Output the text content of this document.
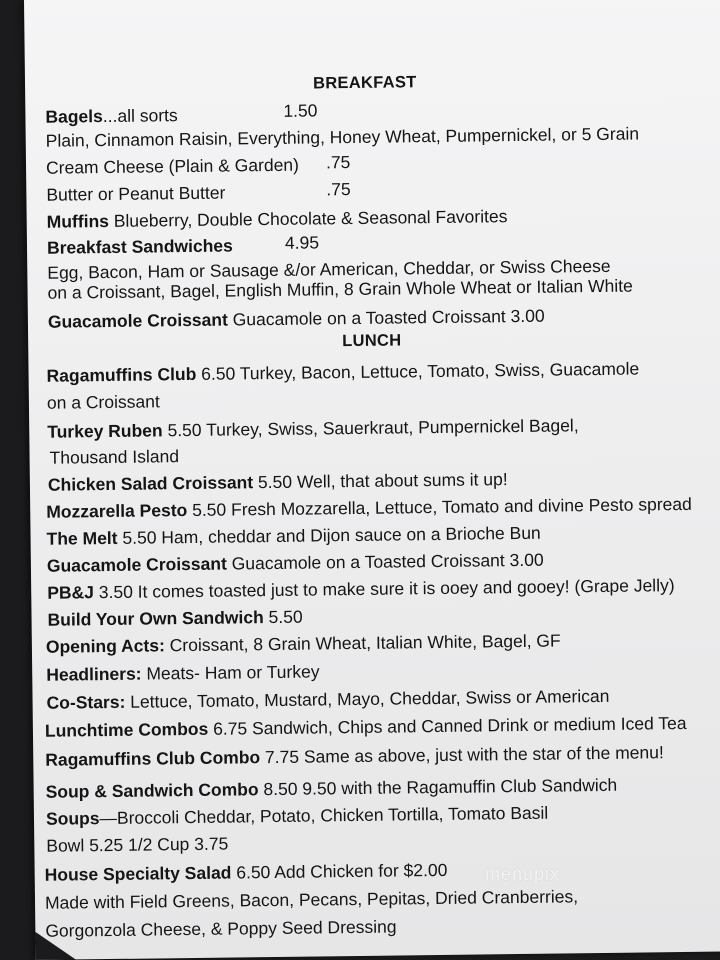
BREAKFAST
Bagels...all sorts	1.50
Plain, Cinnamon Raisin, Everything, Honey Wheat, Pumpernickel, or 5 Grain
Cream Cheese (Plain & Garden) .75
Butter or Peanut Butter	.75
Muffins Blueberry, Double Chocolate & Seasonal Favorites
Breakfast Sandwiches	4.95
Egg, Bacon, Ham or Sausage &/or American, Cheddar, or Swiss Cheese
on a Croissant, Bagel, English Muffin, 8 Grain Whole Wheat or Italian White
Guacamole Croissant Guacamole on a Toasted Croissant 3.00
LUNCH
Ragamuffins Club 6.50 Turkey, Bacon, Lettuce, Tomato, Swiss, Guacamole
on a Croissant
Turkey Ruben 5.50 Turkey, Swiss, Sauerkraut, Pumpernickel Bagel,
Thousand Island
Chicken Salad Croissant 5.50 Well, that about sums it up!
Mozzarella Pesto 5.50 Fresh Mozzarella, Lettuce, Tomato and divine Pesto spread
The Melt 5.50 Ham, cheddar and Dijon sauce on a Brioche Bun
Guacamole Croissant Guacamole on a Toasted Croissant 3.00
PB&J 3.50 It comes toasted just to make sure it is ooey and gooey! (Grape Jelly)
Build Your Own Sandwich 5.50
Opening Acts: Croissant, 8 Grain Wheat, Italian White, Bagel, GF
Headliners: Meats- Ham or Turkey
Co-Stars: Lettuce, Tomato, Mustard, Mayo, Cheddar, Swiss or American
Lunchtime Combos 6.75 Sandwich, Chips and Canned Drink or medium Iced Tea
Ragamuffins Club Combo 7.75 Same as above, just with the star of the menu!
Soup & Sandwich Combo 8.50 9.50 with the Ragamuffin Club Sandwich
Soups—Broccoli Cheddar, Potato, Chicken Tortilla, Tomato Basil
Bowl 5.25 1/2 Cup 3.75
House Specialty Salad 6.50 Add Chicken for $2.00
Made with Field Greens, Bacon, Pecans, Pepitas, Dried Cranberries,
Gorgonzola Cheese, & Poppy Seed Dressing
menupix
